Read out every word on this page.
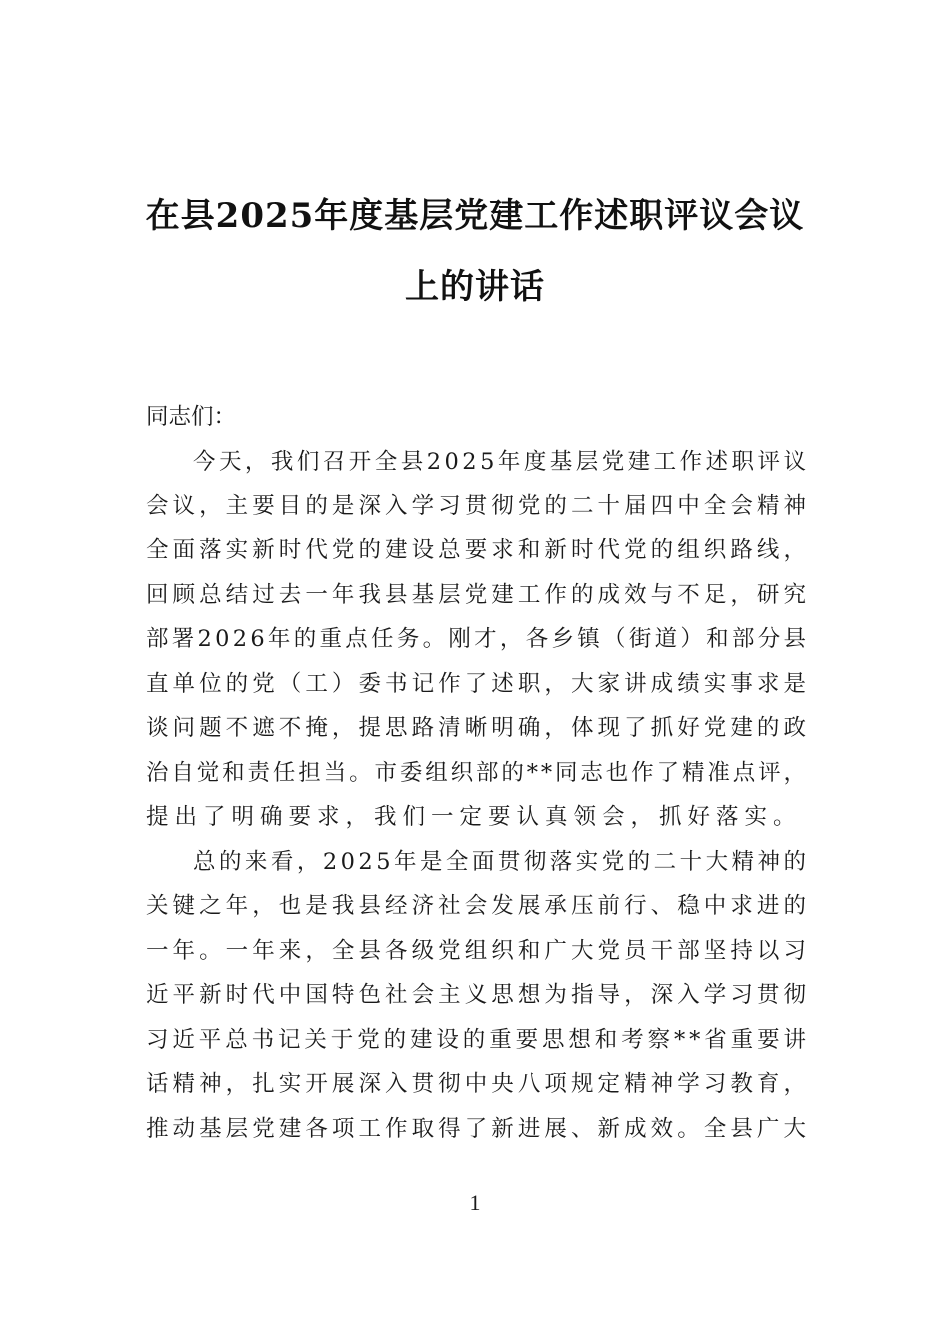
在县2025年度基层党建工作述职评议会议
上的讲话
同志们：
今天，我们召开全县2025年度基层党建工作述职评议
会议，主要目的是深入学习贯彻党的二十届四中全会精神
全面落实新时代党的建设总要求和新时代党的组织路线，
回顾总结过去一年我县基层党建工作的成效与不足，研究
部署2026年的重点任务。刚才，各乡镇（街道）和部分县
直单位的党（工）委书记作了述职，大家讲成绩实事求是
谈问题不遮不掩，提思路清晰明确，体现了抓好党建的政
治自觉和责任担当。市委组织部的**同志也作了精准点评，
提出了明确要求，我们一定要认真领会，抓好落实。
总的来看，2025年是全面贯彻落实党的二十大精神的
关键之年，也是我县经济社会发展承压前行、稳中求进的
一年。一年来，全县各级党组织和广大党员干部坚持以习
近平新时代中国特色社会主义思想为指导，深入学习贯彻
习近平总书记关于党的建设的重要思想和考察**省重要讲
话精神，扎实开展深入贯彻中央八项规定精神学习教育，
推动基层党建各项工作取得了新进展、新成效。全县广大
1
